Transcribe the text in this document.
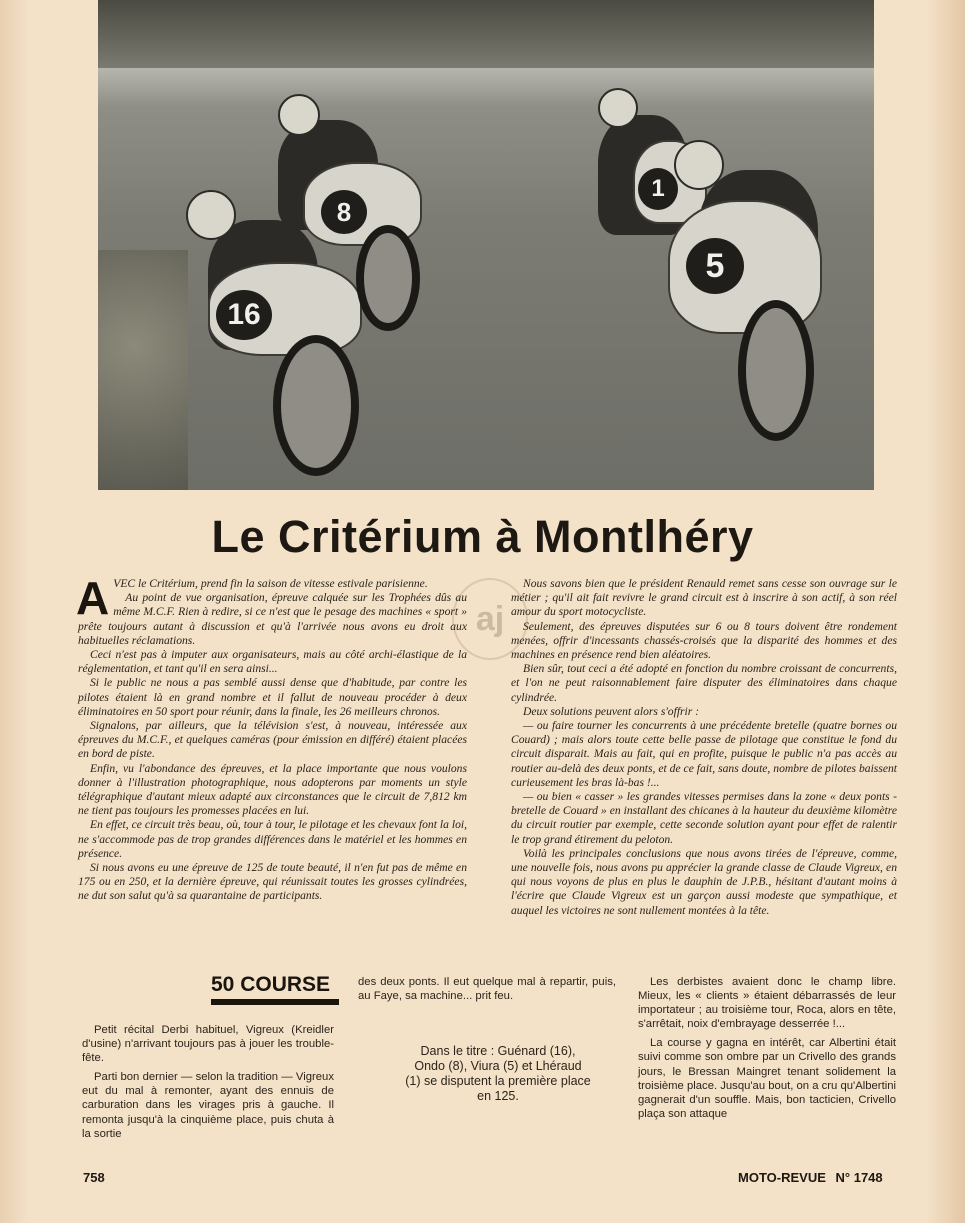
16
8
1
5
Le Critérium à Montlhéry
aj

AVEC le Critérium, prend fin la saison de vitesse estivale parisienne.

Au point de vue organisation, épreuve calquée sur les Trophées dûs au même M.C.F. Rien à redire, si ce n'est que le pesage des machines « sport » prête toujours autant à discussion et qu'à l'arrivée nous avons eu droit aux habituelles réclamations.

Ceci n'est pas à imputer aux organisateurs, mais au côté archi-élastique de la réglementation, et tant qu'il en sera ainsi...

Si le public ne nous a pas semblé aussi dense que d'habitude, par contre les pilotes étaient là en grand nombre et il fallut de nouveau procéder à deux éliminatoires en 50 sport pour réunir, dans la finale, les 26 meilleurs chronos.

Signalons, par ailleurs, que la télévision s'est, à nouveau, intéressée aux épreuves du M.C.F., et quelques caméras (pour émission en différé) étaient placées en bord de piste.

Enfin, vu l'abondance des épreuves, et la place importante que nous voulons donner à l'illustration photographique, nous adopterons par moments un style télégraphique d'autant mieux adapté aux circonstances que le circuit de 7,812 km ne tient pas toujours les promesses placées en lui.

En effet, ce circuit très beau, où, tour à tour, le pilotage et les chevaux font la loi, ne s'accommode pas de trop grandes différences dans le matériel et les hommes en présence.

Si nous avons eu une épreuve de 125 de toute beauté, il n'en fut pas de même en 175 ou en 250, et la dernière épreuve, qui réunissait toutes les grosses cylindrées, ne dut son salut qu'à sa quarantaine de participants.

Nous savons bien que le président Renauld remet sans cesse son ouvrage sur le métier ; qu'il ait fait revivre le grand circuit est à inscrire à son actif, à son réel amour du sport motocycliste.

Seulement, des épreuves disputées sur 6 ou 8 tours doivent être rondement menées, offrir d'incessants chassés-croisés que la disparité des hommes et des machines en présence rend bien aléatoires.

Bien sûr, tout ceci a été adopté en fonction du nombre croissant de concurrents, et l'on ne peut raisonnablement faire disputer des éliminatoires dans chaque cylindrée.

Deux solutions peuvent alors s'offrir :

— ou faire tourner les concurrents à une précédente bretelle (quatre bornes ou Couard) ; mais alors toute cette belle passe de pilotage que constitue le fond du circuit disparait. Mais au fait, qui en profite, puisque le public n'a pas accès au routier au-delà des deux ponts, et de ce fait, sans doute, nombre de pilotes baissent curieusement les bras là-bas !...

— ou bien « casser » les grandes vitesses permises dans la zone « deux ponts - bretelle de Couard » en installant des chicanes à la hauteur du deuxième kilomètre du circuit routier par exemple, cette seconde solution ayant pour effet de ralentir le trop grand étirement du peloton.

Voilà les principales conclusions que nous avons tirées de l'épreuve, comme, une nouvelle fois, nous avons pu apprécier la grande classe de Claude Vigreux, en qui nous voyons de plus en plus le dauphin de J.P.B., hésitant d'autant moins à l'écrire que Claude Vigreux est un garçon aussi modeste que sympathique, et auquel les victoires ne sont nullement montées à la tête.

50 COURSE

Petit récital Derbi habituel, Vigreux (Kreidler d'usine) n'arrivant toujours pas à jouer les trouble-fête.

Parti bon dernier — selon la tradition — Vigreux eut du mal à remonter, ayant des ennuis de carburation dans les virages pris à gauche. Il remonta jusqu'à la cinquième place, puis chuta à la sortie

des deux ponts. Il eut quelque mal à repartir, puis, au Faye, sa machine... prit feu.

Dans le titre : Guénard (16),
Ondo (8), Viura (5) et Lhéraud
(1) se disputent la première place
en 125.

Les derbistes avaient donc le champ libre. Mieux, les « clients » étaient débarrassés de leur importateur ; au troisième tour, Roca, alors en tête, s'arrêtait, noix d'embrayage desserrée !...

La course y gagna en intérêt, car Albertini était suivi comme son ombre par un Crivello des grands jours, le Bressan Maingret tenant solidement la troisième place. Jusqu'au bout, on a cru qu'Albertini gagnerait d'un souffle. Mais, bon tacticien, Crivello plaça son attaque

758	MOTO-REVUE N° 1748
